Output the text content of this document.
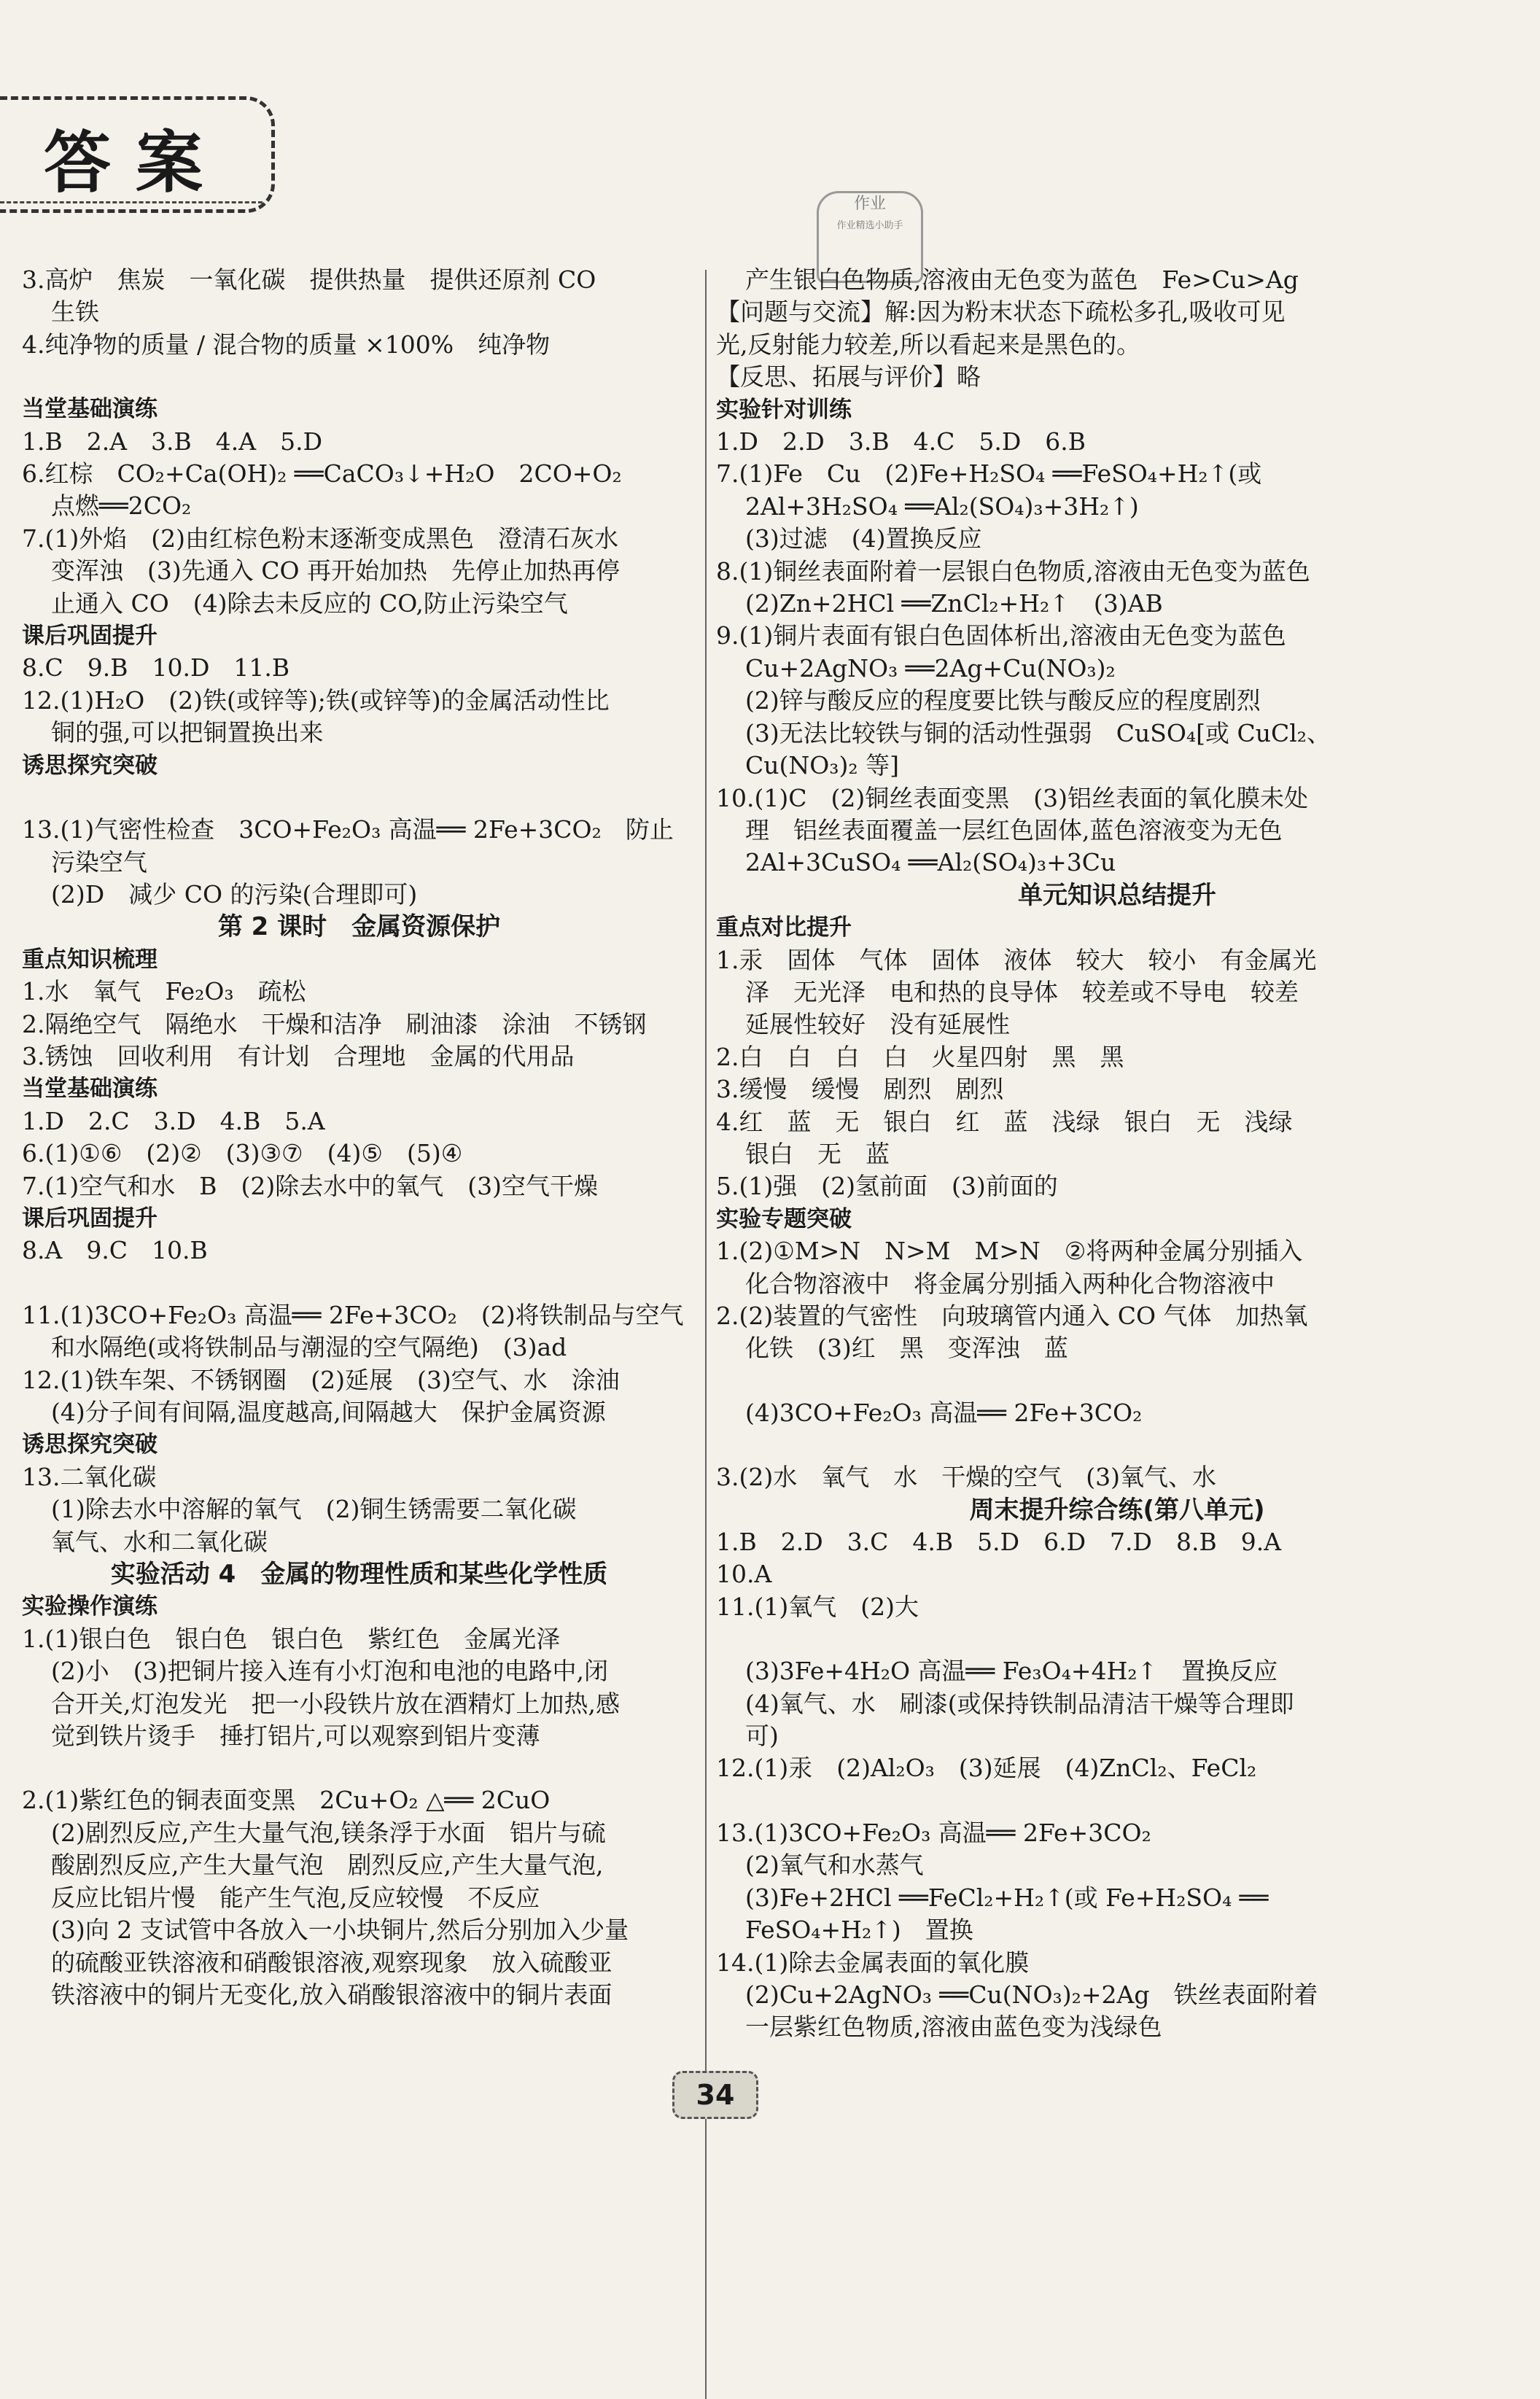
答案
作业
作业精选小助手
3.高炉　焦炭　一氧化碳　提供热量　提供还原剂 CO
生铁
4.纯净物的质量 / 混合物的质量 ×100%　纯净物
当堂基础演练
1.B　2.A　3.B　4.A　5.D
6.红棕　CO₂+Ca(OH)₂ ══CaCO₃↓+H₂O　2CO+O₂
点燃══2CO₂
7.(1)外焰　(2)由红棕色粉末逐渐变成黑色　澄清石灰水
变浑浊　(3)先通入 CO 再开始加热　先停止加热再停
止通入 CO　(4)除去未反应的 CO,防止污染空气
课后巩固提升
8.C　9.B　10.D　11.B
12.(1)H₂O　(2)铁(或锌等);铁(或锌等)的金属活动性比
铜的强,可以把铜置换出来
诱思探究突破
13.(1)气密性检查　3CO+Fe₂O₃ 高温══ 2Fe+3CO₂　防止
污染空气
(2)D　减少 CO 的污染(合理即可)
第 2 课时　金属资源保护
重点知识梳理
1.水　氧气　Fe₂O₃　疏松
2.隔绝空气　隔绝水　干燥和洁净　刷油漆　涂油　不锈钢
3.锈蚀　回收利用　有计划　合理地　金属的代用品
当堂基础演练
1.D　2.C　3.D　4.B　5.A
6.(1)①⑥　(2)②　(3)③⑦　(4)⑤　(5)④
7.(1)空气和水　B　(2)除去水中的氧气　(3)空气干燥
课后巩固提升
8.A　9.C　10.B
11.(1)3CO+Fe₂O₃ 高温══ 2Fe+3CO₂　(2)将铁制品与空气
和水隔绝(或将铁制品与潮湿的空气隔绝)　(3)ad
12.(1)铁车架、不锈钢圈　(2)延展　(3)空气、水　涂油
(4)分子间有间隔,温度越高,间隔越大　保护金属资源
诱思探究突破
13.二氧化碳
(1)除去水中溶解的氧气　(2)铜生锈需要二氧化碳
氧气、水和二氧化碳
实验活动 4　金属的物理性质和某些化学性质
实验操作演练
1.(1)银白色　银白色　银白色　紫红色　金属光泽
(2)小　(3)把铜片接入连有小灯泡和电池的电路中,闭
合开关,灯泡发光　把一小段铁片放在酒精灯上加热,感
觉到铁片烫手　捶打铝片,可以观察到铝片变薄
2.(1)紫红色的铜表面变黑　2Cu+O₂ △══ 2CuO
(2)剧烈反应,产生大量气泡,镁条浮于水面　铝片与硫
酸剧烈反应,产生大量气泡　剧烈反应,产生大量气泡,
反应比铝片慢　能产生气泡,反应较慢　不反应
(3)向 2 支试管中各放入一小块铜片,然后分别加入少量
的硫酸亚铁溶液和硝酸银溶液,观察现象　放入硫酸亚
铁溶液中的铜片无变化,放入硝酸银溶液中的铜片表面
产生银白色物质,溶液由无色变为蓝色　Fe>Cu>Ag
【问题与交流】解:因为粉末状态下疏松多孔,吸收可见
光,反射能力较差,所以看起来是黑色的。
【反思、拓展与评价】略
实验针对训练
1.D　2.D　3.B　4.C　5.D　6.B
7.(1)Fe　Cu　(2)Fe+H₂SO₄ ══FeSO₄+H₂↑(或
2Al+3H₂SO₄ ══Al₂(SO₄)₃+3H₂↑)
(3)过滤　(4)置换反应
8.(1)铜丝表面附着一层银白色物质,溶液由无色变为蓝色
(2)Zn+2HCl ══ZnCl₂+H₂↑　(3)AB
9.(1)铜片表面有银白色固体析出,溶液由无色变为蓝色
Cu+2AgNO₃ ══2Ag+Cu(NO₃)₂
(2)锌与酸反应的程度要比铁与酸反应的程度剧烈
(3)无法比较铁与铜的活动性强弱　CuSO₄[或 CuCl₂、
Cu(NO₃)₂ 等]
10.(1)C　(2)铜丝表面变黑　(3)铝丝表面的氧化膜未处
理　铝丝表面覆盖一层红色固体,蓝色溶液变为无色
2Al+3CuSO₄ ══Al₂(SO₄)₃+3Cu
单元知识总结提升
重点对比提升
1.汞　固体　气体　固体　液体　较大　较小　有金属光
泽　无光泽　电和热的良导体　较差或不导电　较差
延展性较好　没有延展性
2.白　白　白　白　火星四射　黑　黑
3.缓慢　缓慢　剧烈　剧烈
4.红　蓝　无　银白　红　蓝　浅绿　银白　无　浅绿
银白　无　蓝
5.(1)强　(2)氢前面　(3)前面的
实验专题突破
1.(2)①M>N　N>M　M>N　②将两种金属分别插入
化合物溶液中　将金属分别插入两种化合物溶液中
2.(2)装置的气密性　向玻璃管内通入 CO 气体　加热氧
化铁　(3)红　黑　变浑浊　蓝
(4)3CO+Fe₂O₃ 高温══ 2Fe+3CO₂
3.(2)水　氧气　水　干燥的空气　(3)氧气、水
周末提升综合练(第八单元)
1.B　2.D　3.C　4.B　5.D　6.D　7.D　8.B　9.A
10.A
11.(1)氧气　(2)大
(3)3Fe+4H₂O 高温══ Fe₃O₄+4H₂↑　置换反应
(4)氧气、水　刷漆(或保持铁制品清洁干燥等合理即
可)
12.(1)汞　(2)Al₂O₃　(3)延展　(4)ZnCl₂、FeCl₂
13.(1)3CO+Fe₂O₃ 高温══ 2Fe+3CO₂
(2)氧气和水蒸气
(3)Fe+2HCl ══FeCl₂+H₂↑(或 Fe+H₂SO₄ ══
FeSO₄+H₂↑)　置换
14.(1)除去金属表面的氧化膜
(2)Cu+2AgNO₃ ══Cu(NO₃)₂+2Ag　铁丝表面附着
一层紫红色物质,溶液由蓝色变为浅绿色
34
